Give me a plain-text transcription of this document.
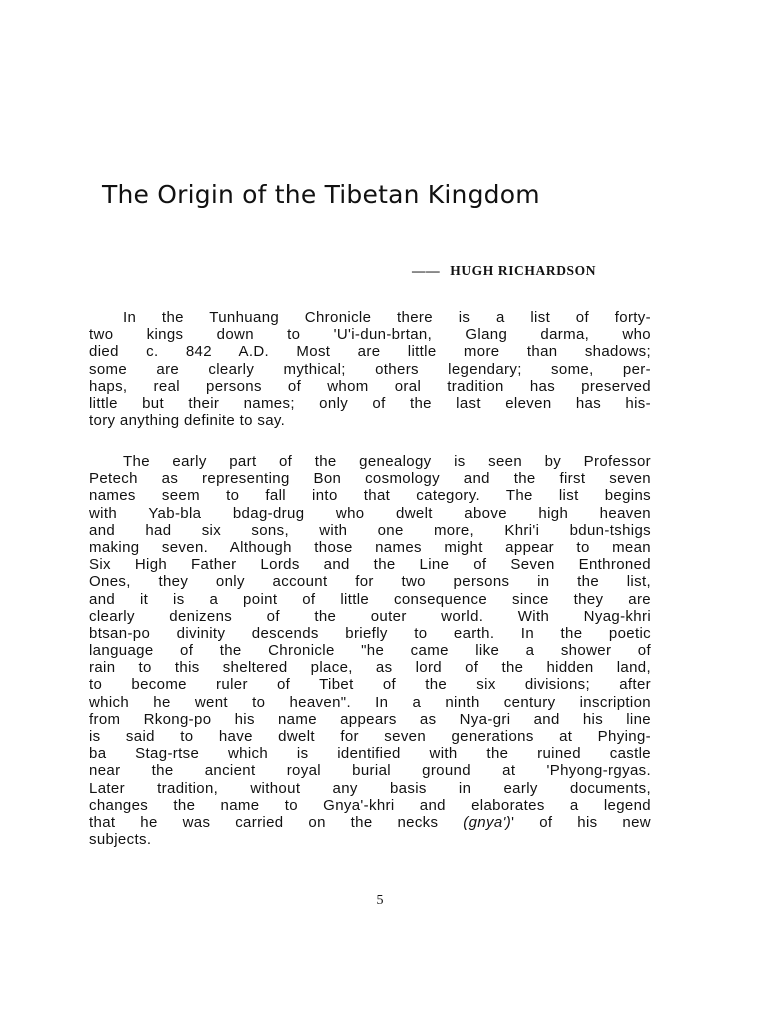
The Origin of the Tibetan Kingdom
—— HUGH RICHARDSON

In the Tunhuang Chronicle there is a list of forty-
two kings down to 'U'i-dun-brtan, Glang darma, who
died c. 842 A.D. Most are little more than shadows;
some are clearly mythical; others legendary; some, per-
haps, real persons of whom oral tradition has preserved
little but their names; only of the last eleven has his-
tory anything definite to say.

The early part of the genealogy is seen by Professor
Petech as representing Bon cosmology and the first seven
names seem to fall into that category. The list begins
with Yab-bla bdag-drug who dwelt above high heaven
and had six sons, with one more, Khri'i bdun-tshigs
making seven. Although those names might appear to mean
Six High Father Lords and the Line of Seven Enthroned
Ones, they only account for two persons in the list,
and it is a point of little consequence since they are
clearly denizens of the outer world. With Nyag-khri
btsan-po divinity descends briefly to earth. In the poetic
language of the Chronicle "he came like a shower of
rain to this sheltered place, as lord of the hidden land,
to become ruler of Tibet of the six divisions; after
which he went to heaven". In a ninth century inscription
from Rkong-po his name appears as Nya-gri and his line
is said to have dwelt for seven generations at Phying-
ba Stag-rtse which is identified with the ruined castle
near the ancient royal burial ground at 'Phyong-rgyas.
Later tradition, without any basis in early documents,
changes the name to Gnya'-khri and elaborates a legend
that he was carried on the necks (gnya')' of his new
subjects.

5
